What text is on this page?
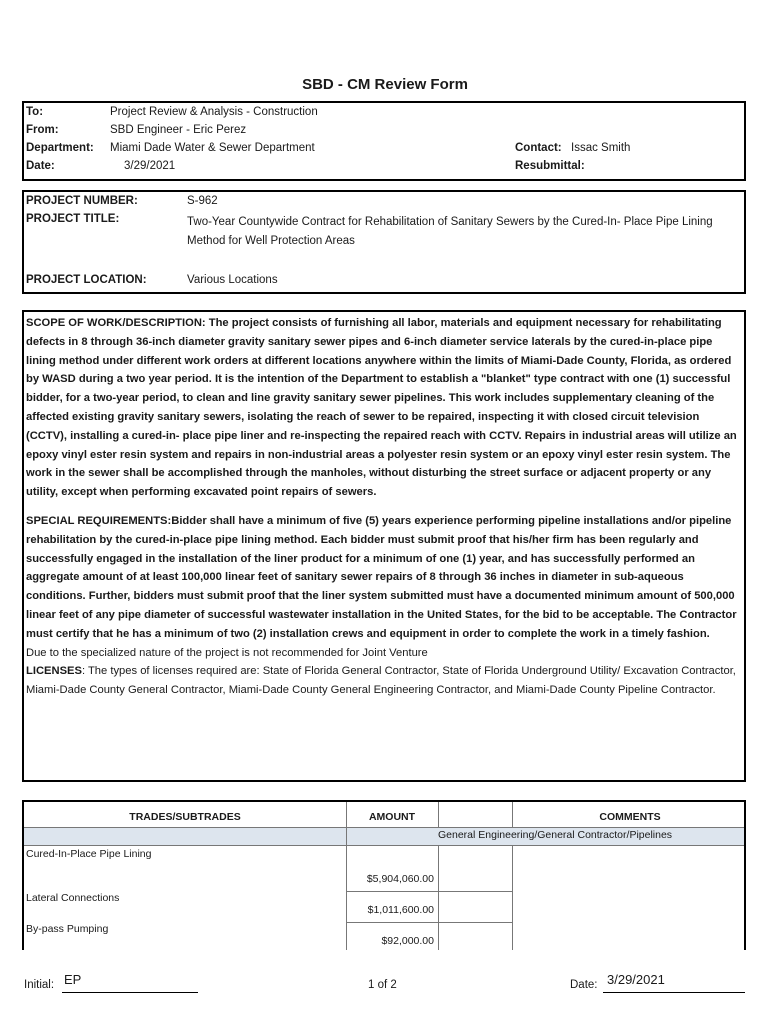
SBD - CM Review Form
To:	Project Review & Analysis - Construction
From:	SBD Engineer - Eric Perez
Department: Miami Dade Water & Sewer Department	Contact: Issac Smith
Date:	3/29/2021	Resubmittal:
PROJECT NUMBER:	S-962
PROJECT TITLE:	Two-Year Countywide Contract for Rehabilitation of Sanitary Sewers by the Cured-In- Place Pipe Lining Method for Well Protection Areas
PROJECT LOCATION:	Various Locations

SCOPE OF WORK/DESCRIPTION: The project consists of furnishing all labor, materials and equipment necessary for rehabilitating defects in 8 through 36-inch diameter gravity sanitary sewer pipes and 6-inch diameter service laterals by the cured-in-place pipe lining method under different work orders at different locations anywhere within the limits of Miami-Dade County, Florida, as ordered by WASD during a two year period. It is the intention of the Department to establish a "blanket" type contract with one (1) successful bidder, for a two-year period, to clean and line gravity sanitary sewer pipelines. This work includes supplementary cleaning of the affected existing gravity sanitary sewers, isolating the reach of sewer to be repaired, inspecting it with closed circuit television (CCTV), installing a cured-in- place pipe liner and re-inspecting the repaired reach with CCTV. Repairs in industrial areas will utilize an epoxy vinyl ester resin system and repairs in non-industrial areas a polyester resin system or an epoxy vinyl ester resin system. The work in the sewer shall be accomplished through the manholes, without disturbing the street surface or adjacent property or any utility, except when performing excavated point repairs of sewers.

SPECIAL REQUIREMENTS:Bidder shall have a minimum of five (5) years experience performing pipeline installations and/or pipeline rehabilitation by the cured-in-place pipe lining method. Each bidder must submit proof that his/her firm has been regularly and successfully engaged in the installation of the liner product for a minimum of one (1) year, and has successfully performed an aggregate amount of at least 100,000 linear feet of sanitary sewer repairs of 8 through 36 inches in diameter in sub-aqueous conditions. Further, bidders must submit proof that the liner system submitted must have a documented minimum amount of 500,000 linear feet of any pipe diameter of successful wastewater installation in the United States, for the bid to be acceptable. The Contractor must certify that he has a minimum of two (2) installation crews and equipment in order to complete the work in a timely fashion.

Due to the specialized nature of the project is not recommended for Joint Venture

LICENSES: The types of licenses required are: State of Florida General Contractor, State of Florida Underground Utility/ Excavation Contractor, Miami-Dade County General Contractor, Miami-Dade County General Engineering Contractor, and Miami-Dade County Pipeline Contractor.

TRADES/SUBTRADES	AMOUNT	COMMENTS
General Engineering/General Contractor/Pipelines
Cured-In-Place Pipe Lining
$5,904,060.00
Lateral Connections
$1,011,600.00
By-pass Pumping
$92,000.00
Initial: EP	1 of 2	Date: 3/29/2021
